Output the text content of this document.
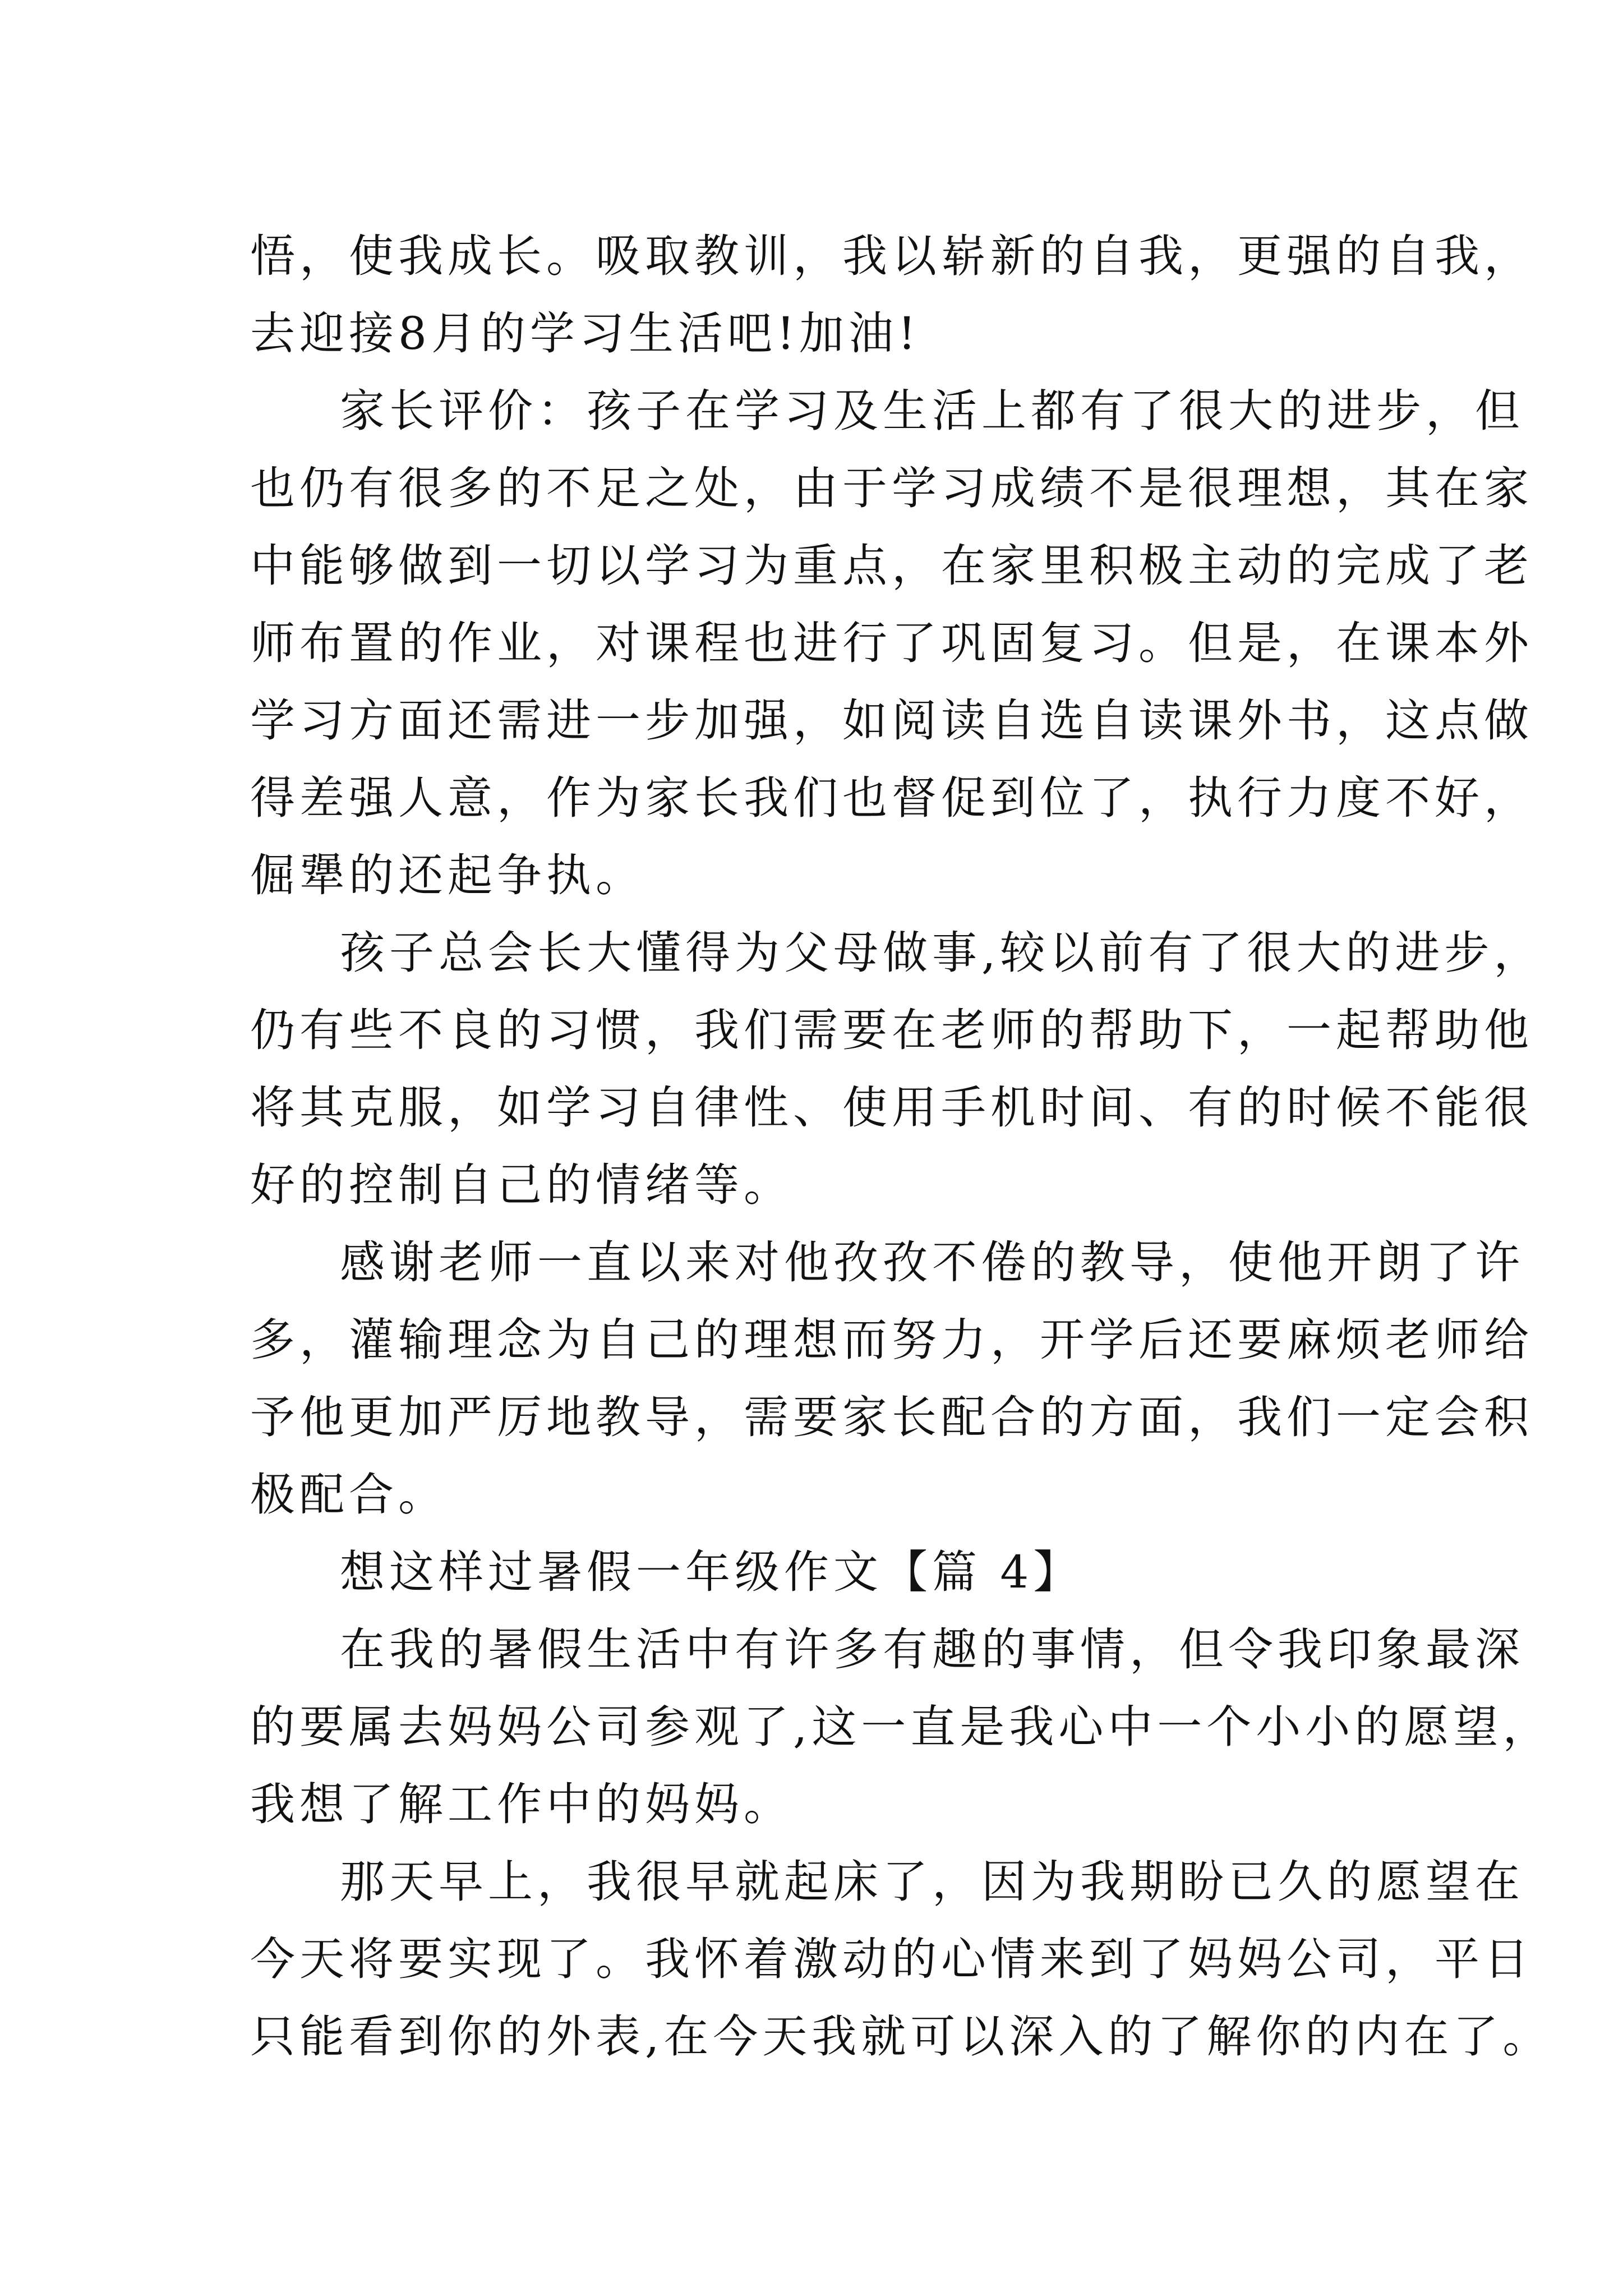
悟，使我成长。吸取教训，我以崭新的自我，更强的自我，
去迎接8月的学习生活吧!加油!
家长评价：孩子在学习及生活上都有了很大的进步，但
也仍有很多的不足之处，由于学习成绩不是很理想，其在家
中能够做到一切以学习为重点，在家里积极主动的完成了老
师布置的作业，对课程也进行了巩固复习。但是，在课本外
学习方面还需进一步加强，如阅读自选自读课外书，这点做
得差强人意，作为家长我们也督促到位了，执行力度不好，
倔犟的还起争执。
孩子总会长大懂得为父母做事,较以前有了很大的进步，
仍有些不良的习惯，我们需要在老师的帮助下，一起帮助他
将其克服，如学习自律性、使用手机时间、有的时候不能很
好的控制自己的情绪等。
感谢老师一直以来对他孜孜不倦的教导，使他开朗了许
多，灌输理念为自己的理想而努力，开学后还要麻烦老师给
予他更加严厉地教导，需要家长配合的方面，我们一定会积
极配合。
想这样过暑假一年级作文【篇 4】
在我的暑假生活中有许多有趣的事情，但令我印象最深
的要属去妈妈公司参观了,这一直是我心中一个小小的愿望，
我想了解工作中的妈妈。
那天早上，我很早就起床了，因为我期盼已久的愿望在
今天将要实现了。我怀着激动的心情来到了妈妈公司，平日
只能看到你的外表,在今天我就可以深入的了解你的内在了。
